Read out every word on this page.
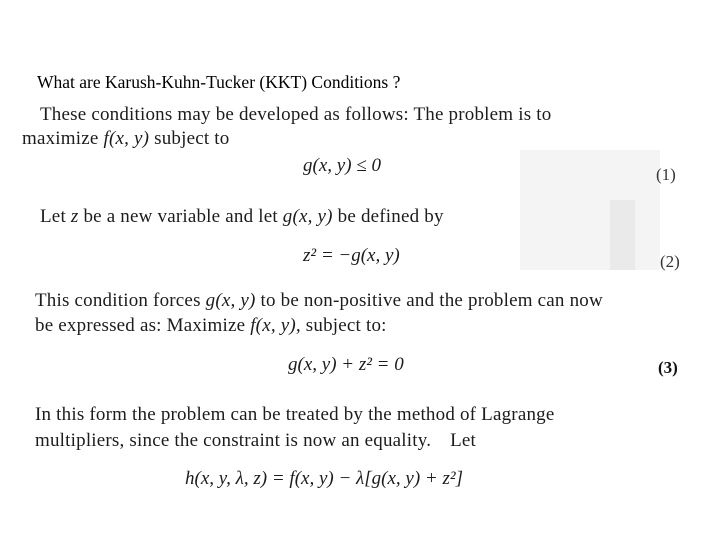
What are Karush-Kuhn-Tucker (KKT) Conditions ?
These conditions may be developed as follows: The problem is to
maximize f(x, y) subject to
g(x, y) ≤ 0	(1)
Let z be a new variable and let g(x, y) be defined by
z² = −g(x, y)	(2)
This condition forces g(x, y) to be non-positive and the problem can now
be expressed as: Maximize f(x, y), subject to:
g(x, y) + z² = 0	(3)
In this form the problem can be treated by the method of Lagrange
multipliers, since the constraint is now an equality. Let
h(x, y, λ, z) = f(x, y) − λ[g(x, y) + z²]
